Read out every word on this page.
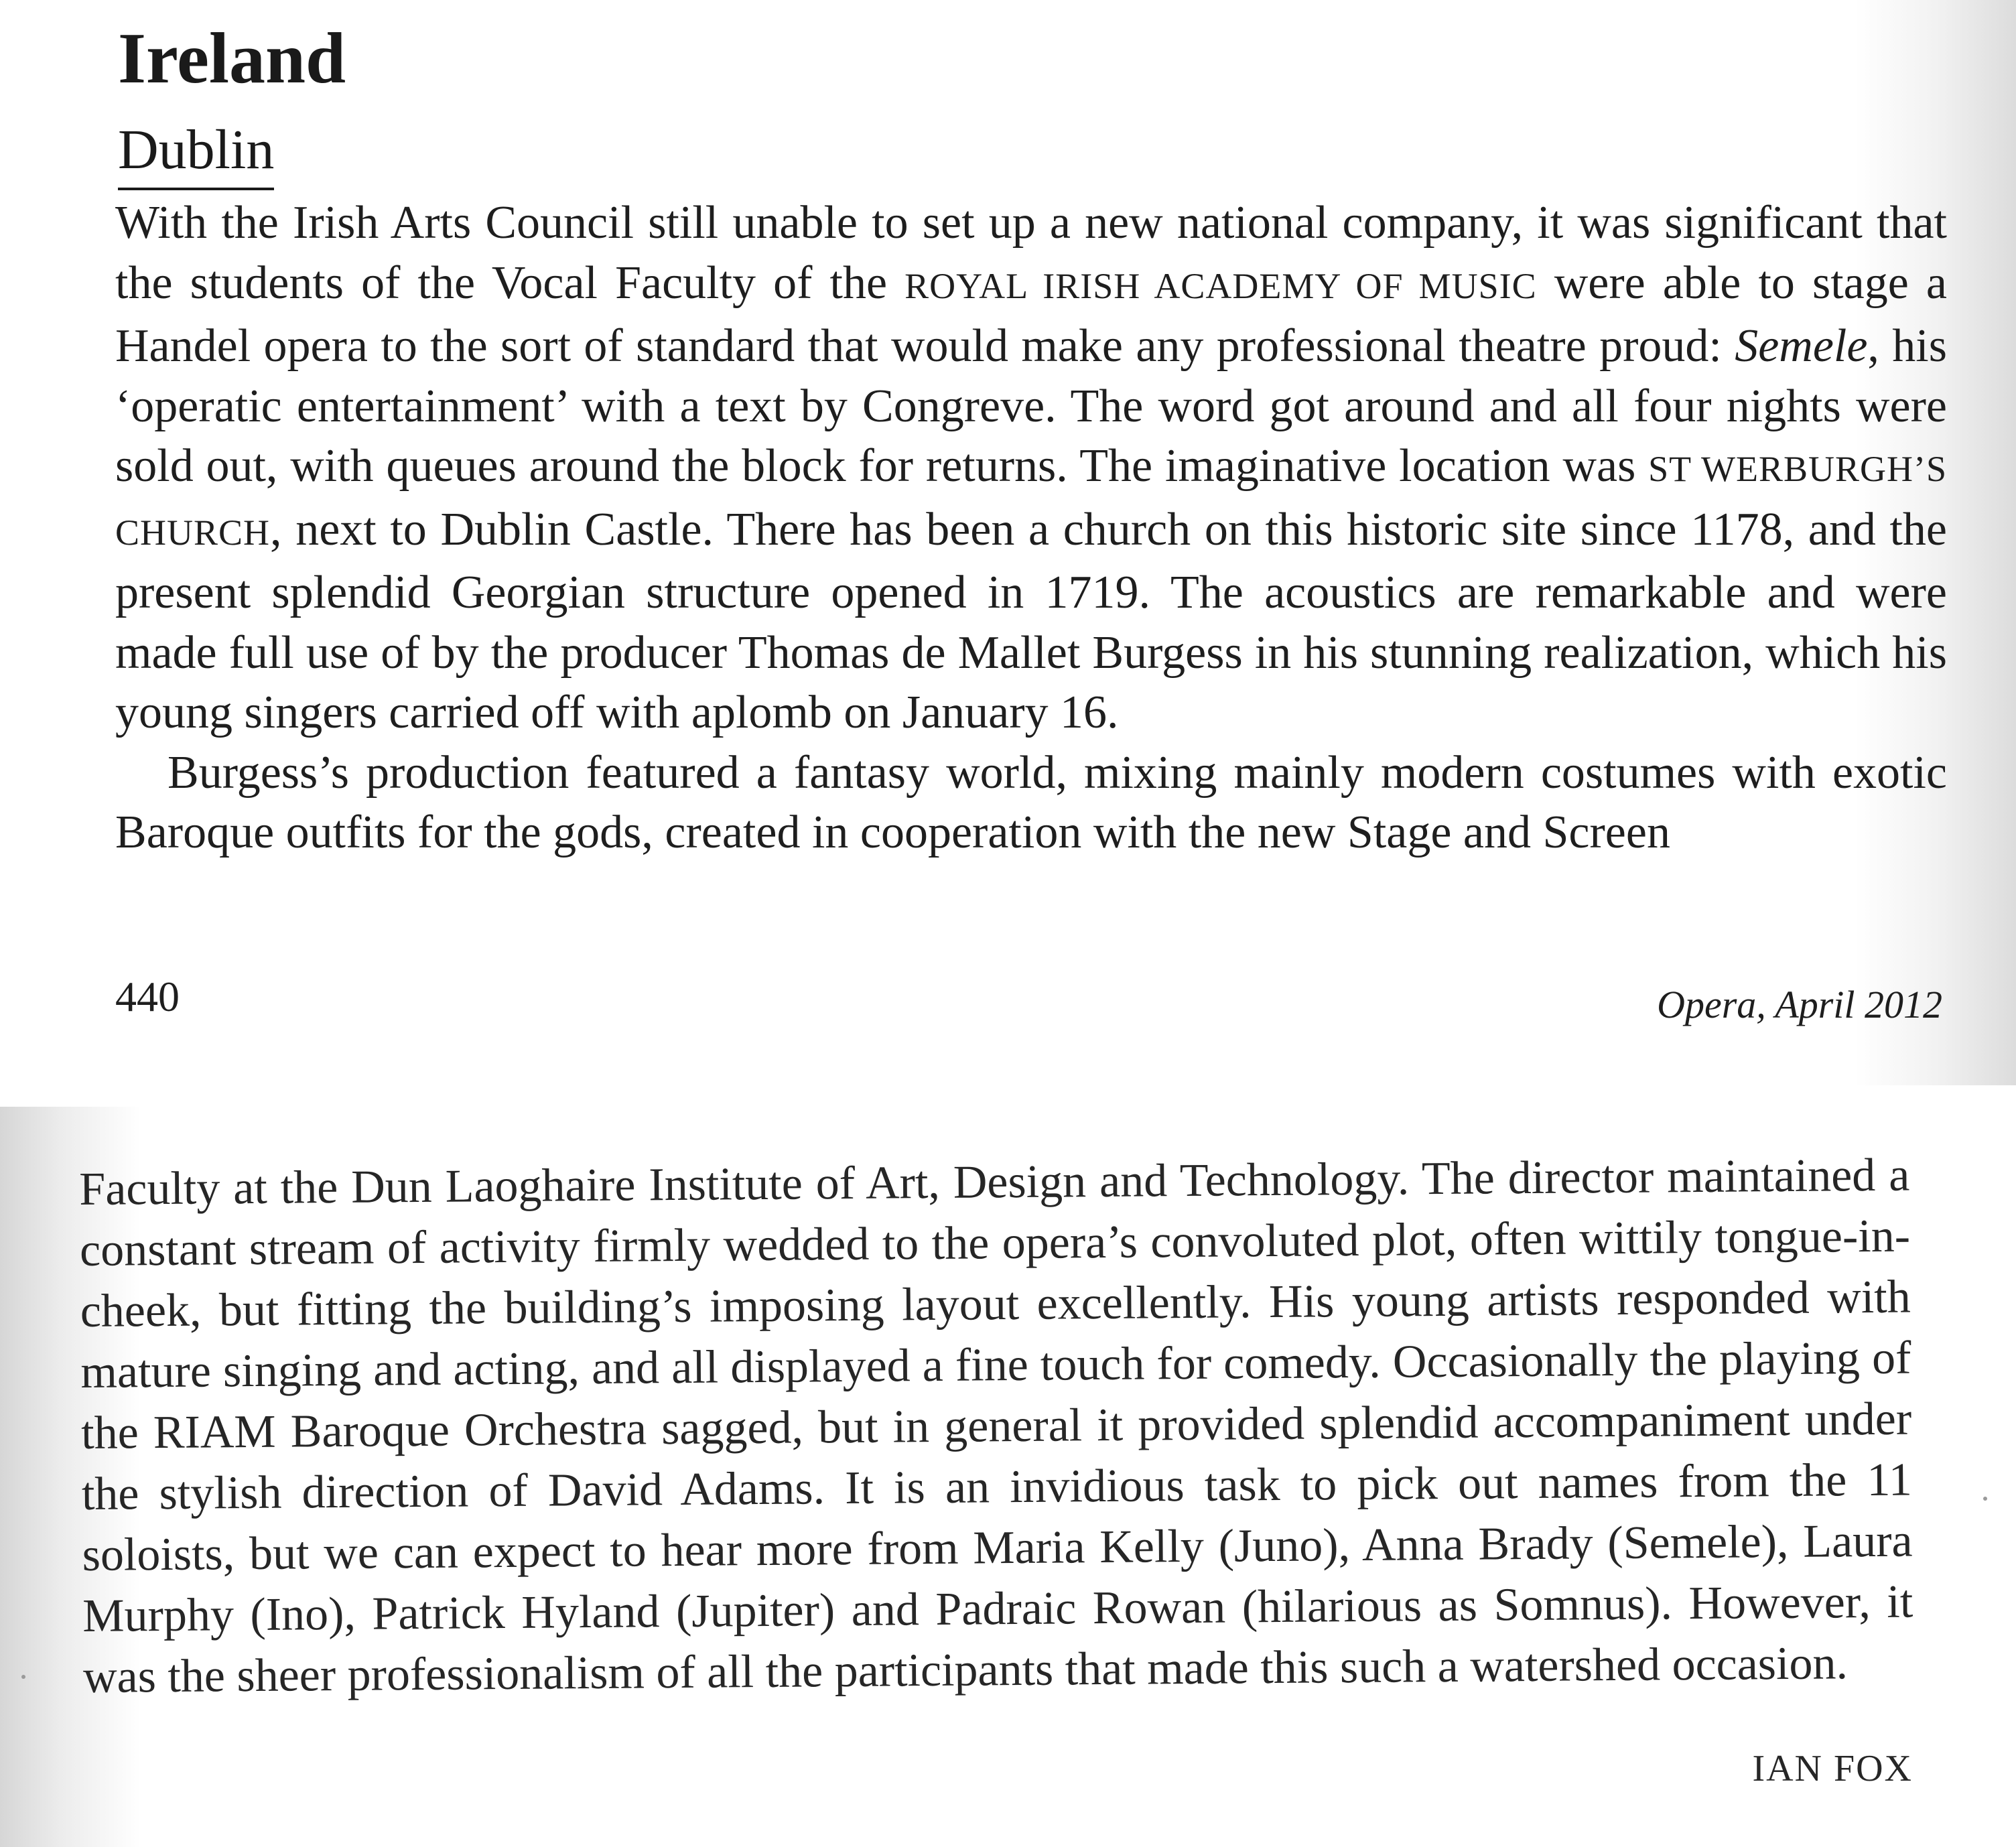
Ireland
Dublin

With the Irish Arts Council still unable to set up a new national company, it was significant that the students of the Vocal Faculty of the ROYAL IRISH ACADEMY OF MUSIC were able to stage a Handel opera to the sort of standard that would make any professional theatre proud: Semele, his ‘operatic entertainment’ with a text by Congreve. The word got around and all four nights were sold out, with queues around the block for returns. The imaginative location was ST WERBURGH’S CHURCH, next to Dublin Castle. There has been a church on this historic site since 1178, and the present splendid Georgian structure opened in 1719. The acoustics are remarkable and were made full use of by the producer Thomas de Mallet Burgess in his stunning realization, which his young singers carried off with aplomb on January 16.

Burgess’s production featured a fantasy world, mixing mainly modern costumes with exotic Baroque outfits for the gods, created in cooperation with the new Stage and Screen

440	Opera, April 2012

Faculty at the Dun Laoghaire Institute of Art, Design and Technology. The director maintained a constant stream of activity firmly wedded to the opera’s convoluted plot, often wittily tongue-in-cheek, but fitting the building’s imposing layout excellently. His young artists responded with mature singing and acting, and all displayed a fine touch for comedy. Occasionally the playing of the RIAM Baroque Orchestra sagged, but in general it provided splendid accompaniment under the stylish direction of David Adams. It is an invidious task to pick out names from the 11 soloists, but we can expect to hear more from Maria Kelly (Juno), Anna Brady (Semele), Laura Murphy (Ino), Patrick Hyland (Jupiter) and Padraic Rowan (hilarious as Somnus). However, it was the sheer professionalism of all the participants that made this such a watershed occasion.

IAN FOX
